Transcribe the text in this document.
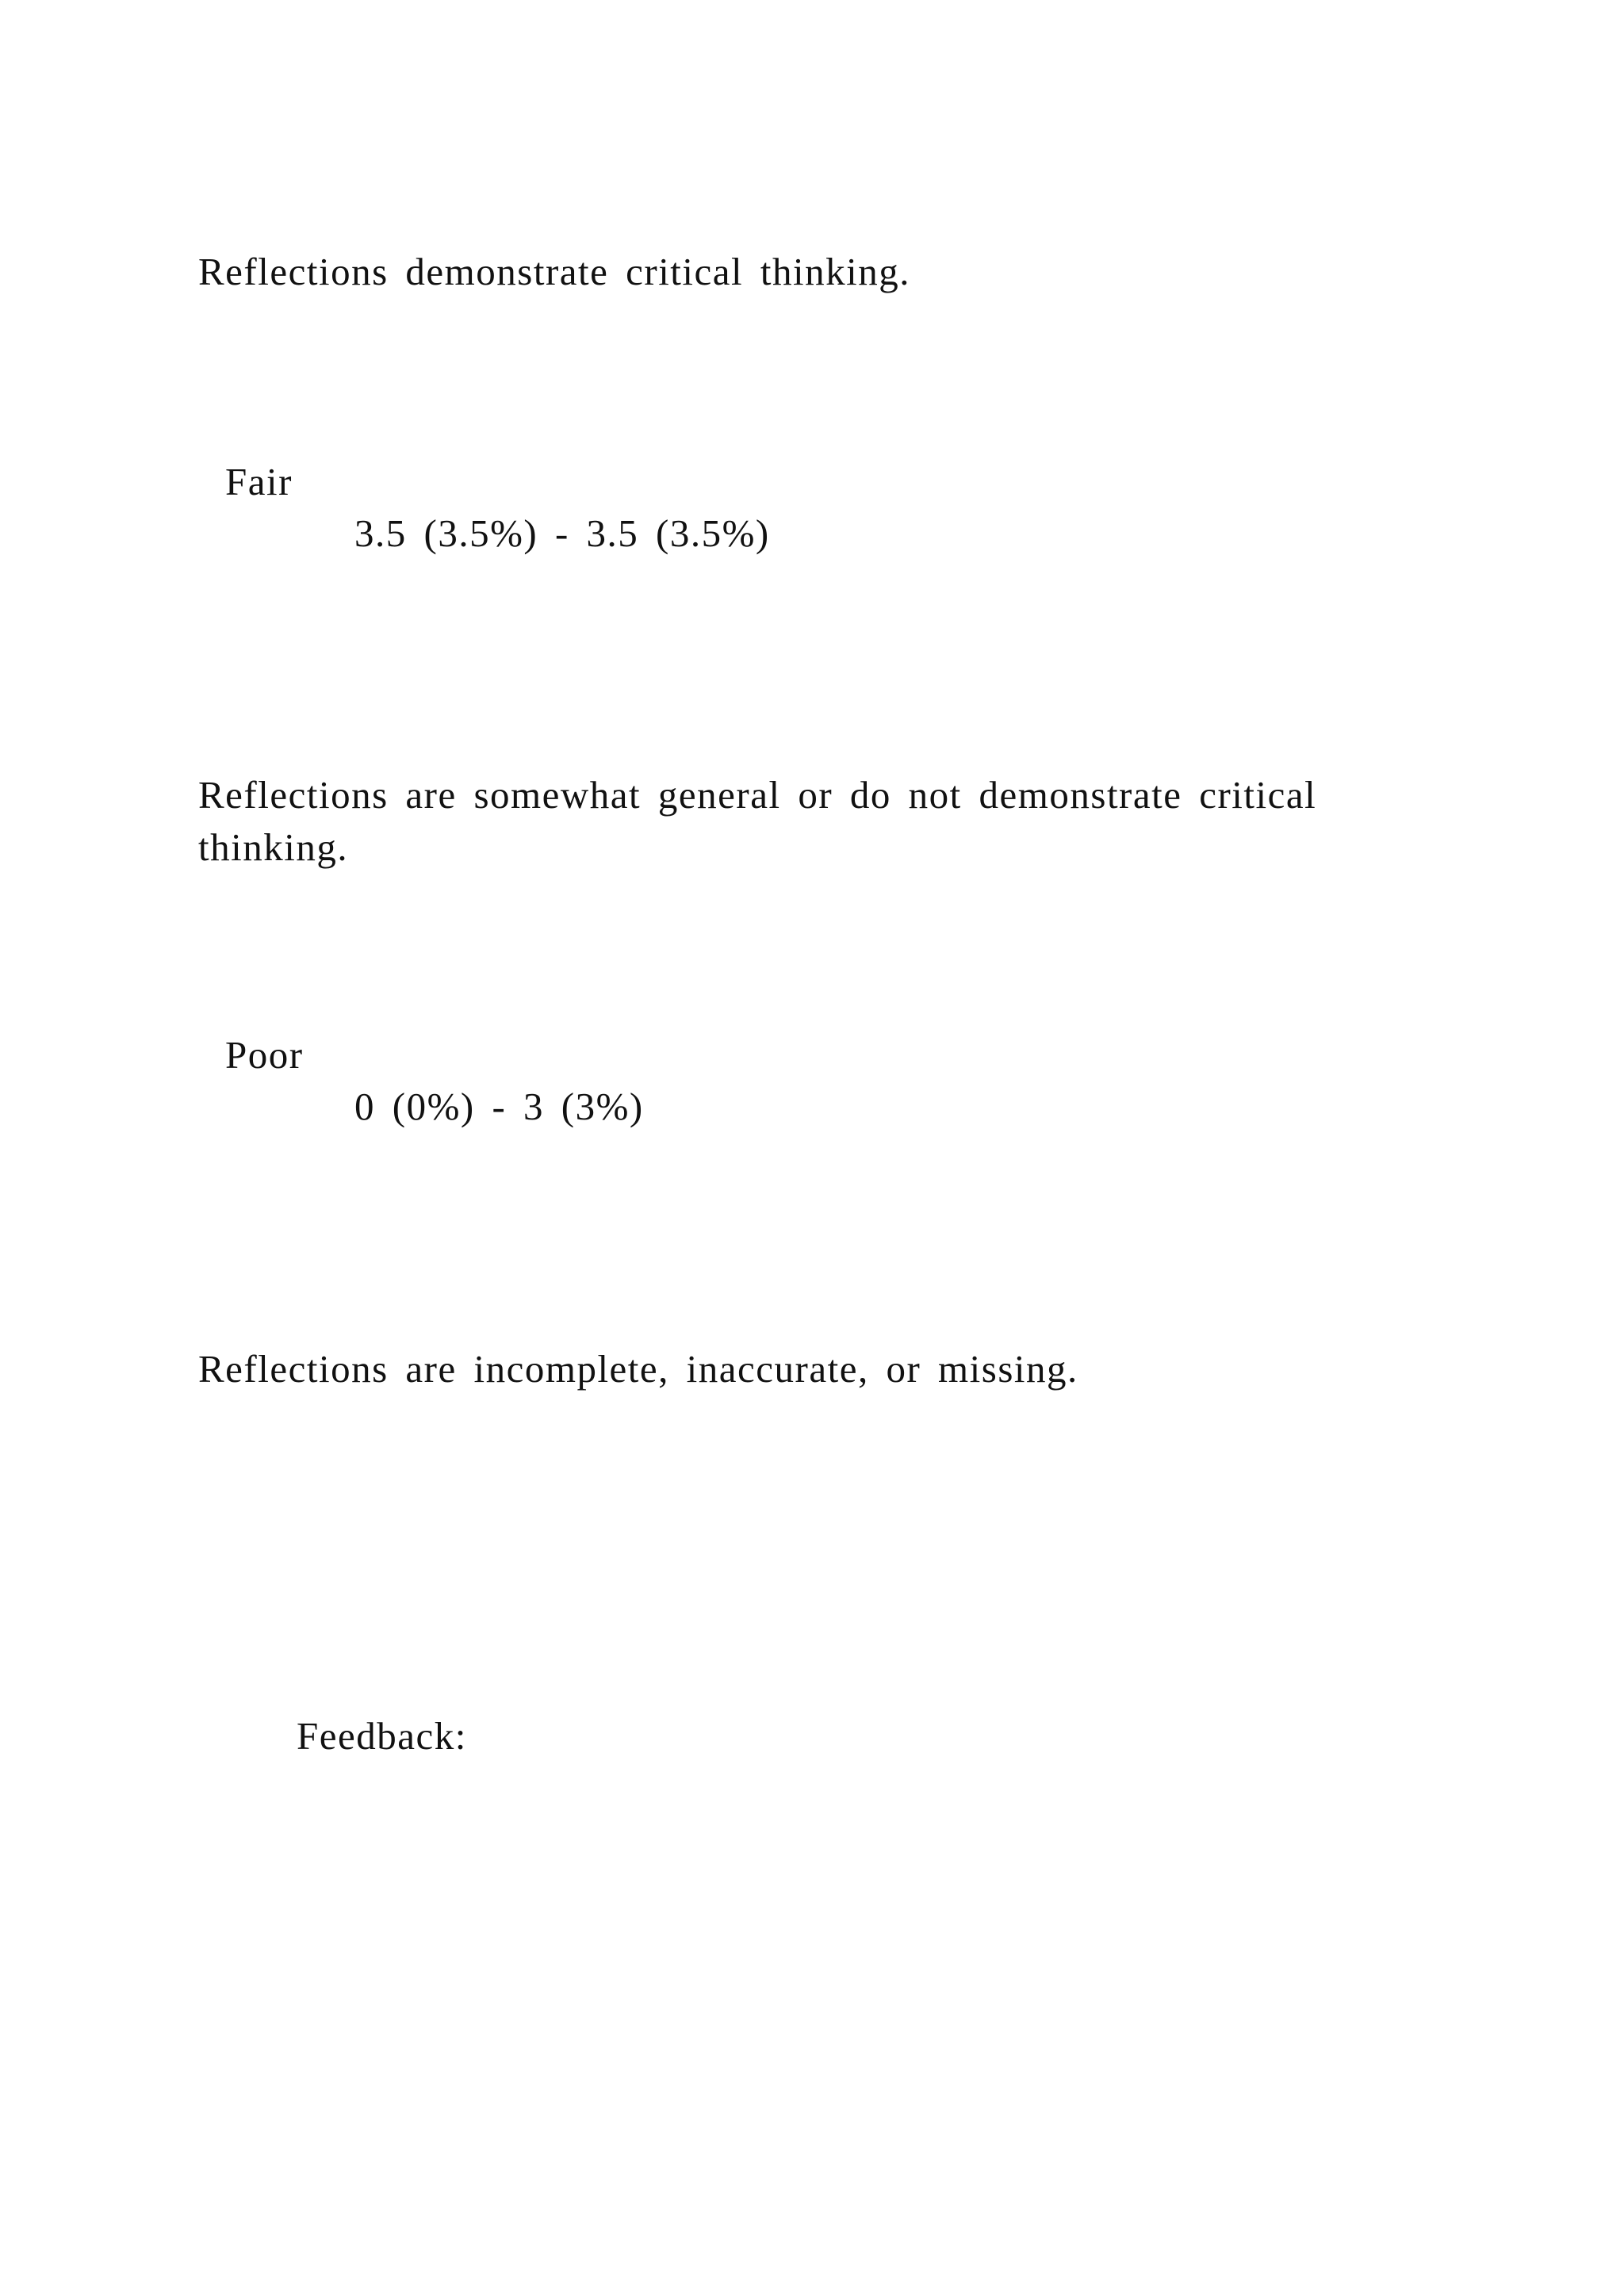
Reflections demonstrate critical thinking.

Fair

3.5 (3.5%) - 3.5 (3.5%)

Reflections are somewhat general or do not demonstrate critical thinking.

Poor

0 (0%) - 3 (3%)

Reflections are incomplete, inaccurate, or missing.

Feedback:
